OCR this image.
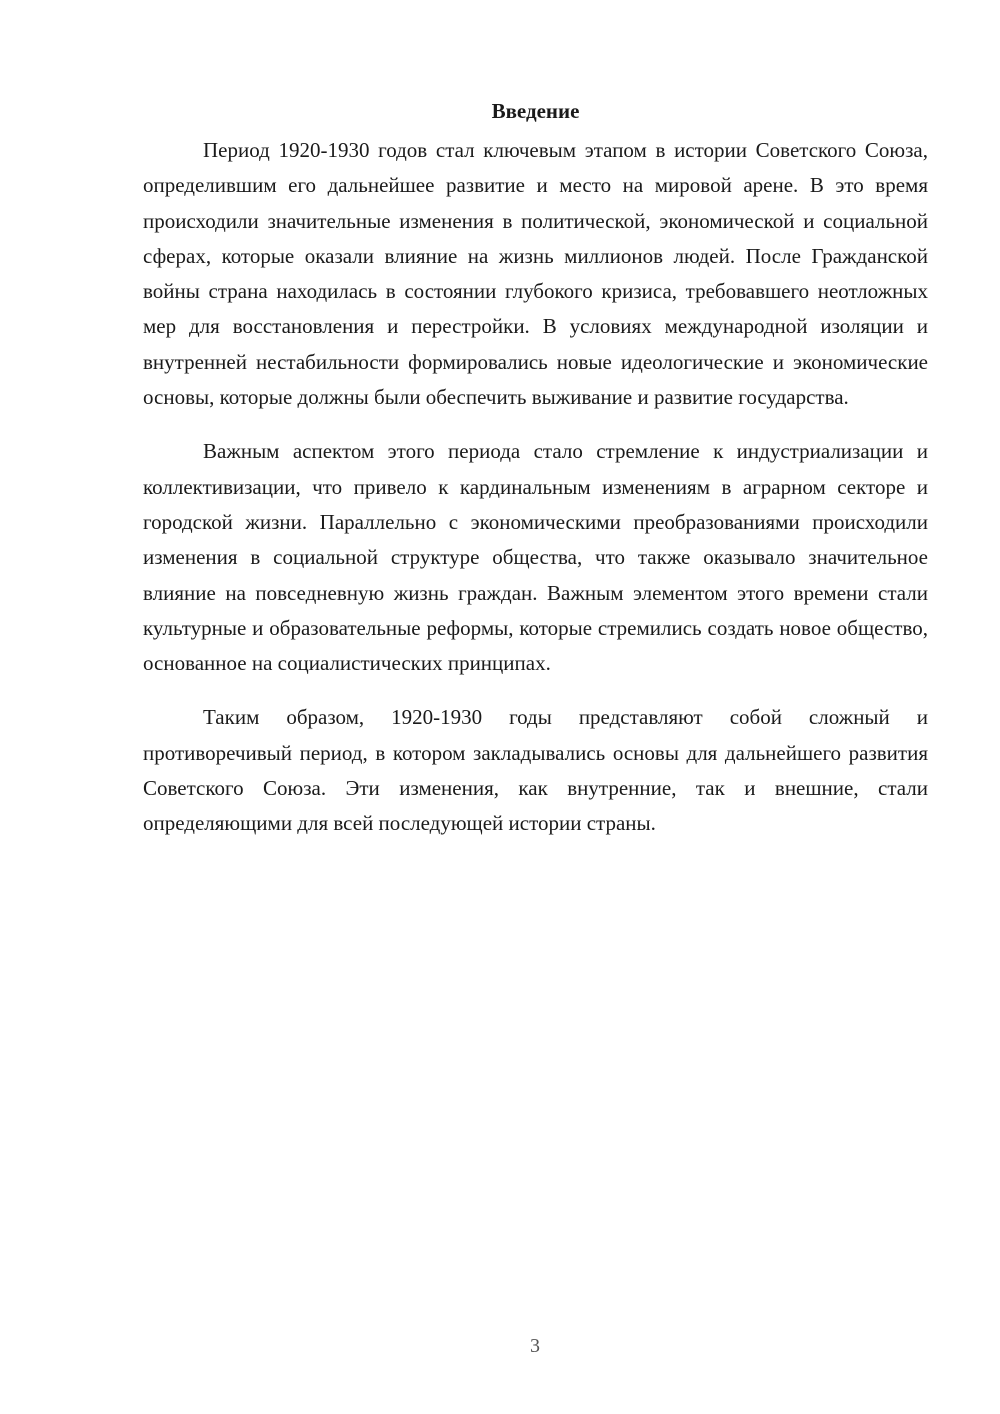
Введение

Период 1920-1930 годов стал ключевым этапом в истории Советского Союза, определившим его дальнейшее развитие и место на мировой арене. В это время происходили значительные изменения в политической, экономической и социальной сферах, которые оказали влияние на жизнь миллионов людей. После Гражданской войны страна находилась в состоянии глубокого кризиса, требовавшего неотложных мер для восстановления и перестройки. В условиях международной изоляции и внутренней нестабильности формировались новые идеологические и экономические основы, которые должны были обеспечить выживание и развитие государства.

Важным аспектом этого периода стало стремление к индустриализации и коллективизации, что привело к кардинальным изменениям в аграрном секторе и городской жизни. Параллельно с экономическими преобразованиями происходили изменения в социальной структуре общества, что также оказывало значительное влияние на повседневную жизнь граждан. Важным элементом этого времени стали культурные и образовательные реформы, которые стремились создать новое общество, основанное на социалистических принципах.

Таким образом, 1920-1930 годы представляют собой сложный и противоречивый период, в котором закладывались основы для дальнейшего развития Советского Союза. Эти изменения, как внутренние, так и внешние, стали определяющими для всей последующей истории страны.

3
